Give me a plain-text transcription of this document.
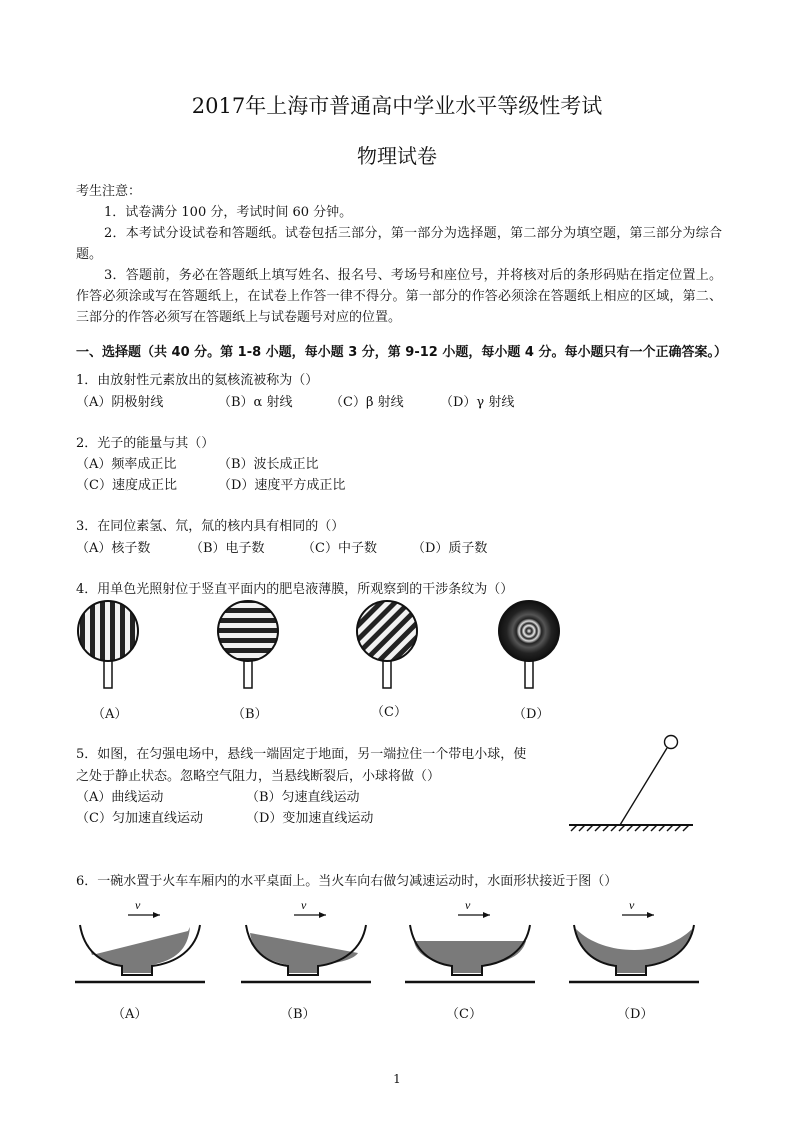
2017年上海市普通高中学业水平等级性考试
物理试卷
考生注意：
1．试卷满分 100 分，考试时间 60 分钟。
2．本考试分设试卷和答题纸。试卷包括三部分，第一部分为选择题，第二部分为填空题，第三部分为综合题。
3．答题前，务必在答题纸上填写姓名、报名号、考场号和座位号，并将核对后的条形码贴在指定位置上。作答必须涂或写在答题纸上，在试卷上作答一律不得分。第一部分的作答必须涂在答题纸上相应的区域，第二、三部分的作答必须写在答题纸上与试卷题号对应的位置。
一、选择题（共 40 分。第 1-8 小题，每小题 3 分，第 9-12 小题，每小题 4 分。每小题只有一个正确答案。）
1．由放射性元素放出的氦核流被称为（）
（A）阴极射线	（B）α 射线	（C）β 射线	（D）γ 射线
2．光子的能量与其（）
（A）频率成正比	（B）波长成正比
（C）速度成正比	（D）速度平方成正比
3．在同位素氢、氘，氚的核内具有相同的（）
（A）核子数	（B）电子数	（C）中子数	（D）质子数
4．用单色光照射位于竖直平面内的肥皂液薄膜，所观察到的干涉条纹为（）
（A）	（B）	（C）	（D）
5．如图，在匀强电场中，悬线一端固定于地面，另一端拉住一个带电小球，使
之处于静止状态。忽略空气阻力，当悬线断裂后，小球将做（）
（A）曲线运动	（B）匀速直线运动
（C）匀加速直线运动	（D）变加速直线运动
6．一碗水置于火车车厢内的水平桌面上。当火车向右做匀减速运动时，水面形状接近于图（）
v	v	v	v
（A）	（B）	（C）	（D）
1
